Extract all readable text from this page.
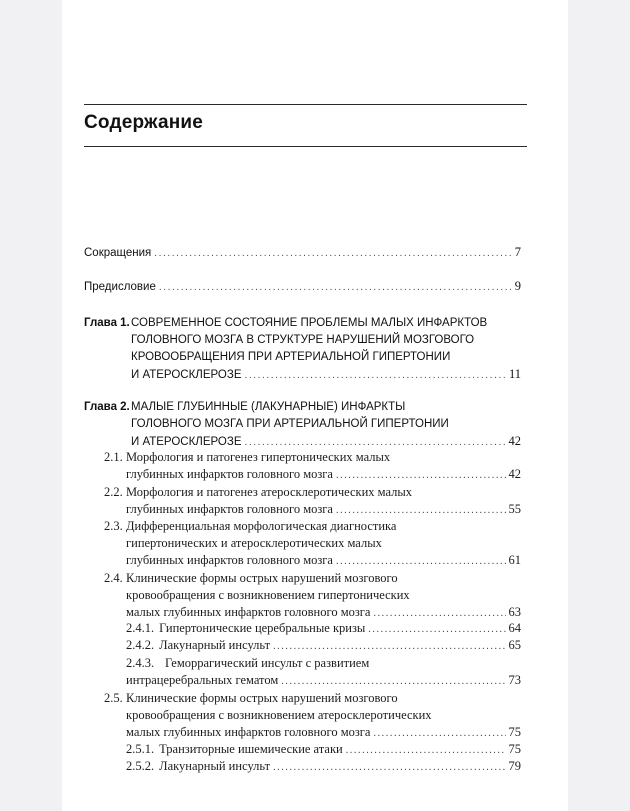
Содержание
Сокращения .....	7
Предисловие .....	9
Глава 1. СОВРЕМЕННОЕ СОСТОЯНИЕ ПРОБЛЕМЫ МАЛЫХ ИНФАРКТОВ
ГОЛОВНОГО МОЗГА В СТРУКТУРЕ НАРУШЕНИЙ МОЗГОВОГО
КРОВООБРАЩЕНИЯ ПРИ АРТЕРИАЛЬНОЙ ГИПЕРТОНИИ
И АТЕРОСКЛЕРОЗЕ .....	11
Глава 2. МАЛЫЕ ГЛУБИННЫЕ (ЛАКУНАРНЫЕ) ИНФАРКТЫ
ГОЛОВНОГО МОЗГА ПРИ АРТЕРИАЛЬНОЙ ГИПЕРТОНИИ
И АТЕРОСКЛЕРОЗЕ .....	42
2.1. Морфология и патогенез гипертонических малых
глубинных инфарктов головного мозга .....	42
2.2. Морфология и патогенез атеросклеротических малых
глубинных инфарктов головного мозга .....	55
2.3. Дифференциальная морфологическая диагностика
гипертонических и атеросклеротических малых
глубинных инфарктов головного мозга .....	61
2.4. Клинические формы острых нарушений мозгового
кровообращения с возникновением гипертонических
малых глубинных инфарктов головного мозга .....	63
2.4.1. Гипертонические церебральные кризы .....	64
2.4.2. Лакунарный инсульт .....	65
2.4.3. Геморрагический инсульт с развитием
интрацеребральных гематом .....	73
2.5. Клинические формы острых нарушений мозгового
кровообращения с возникновением атеросклеротических
малых глубинных инфарктов головного мозга .....	75
2.5.1. Транзиторные ишемические атаки .....	75
2.5.2. Лакунарный инсульт .....	79
